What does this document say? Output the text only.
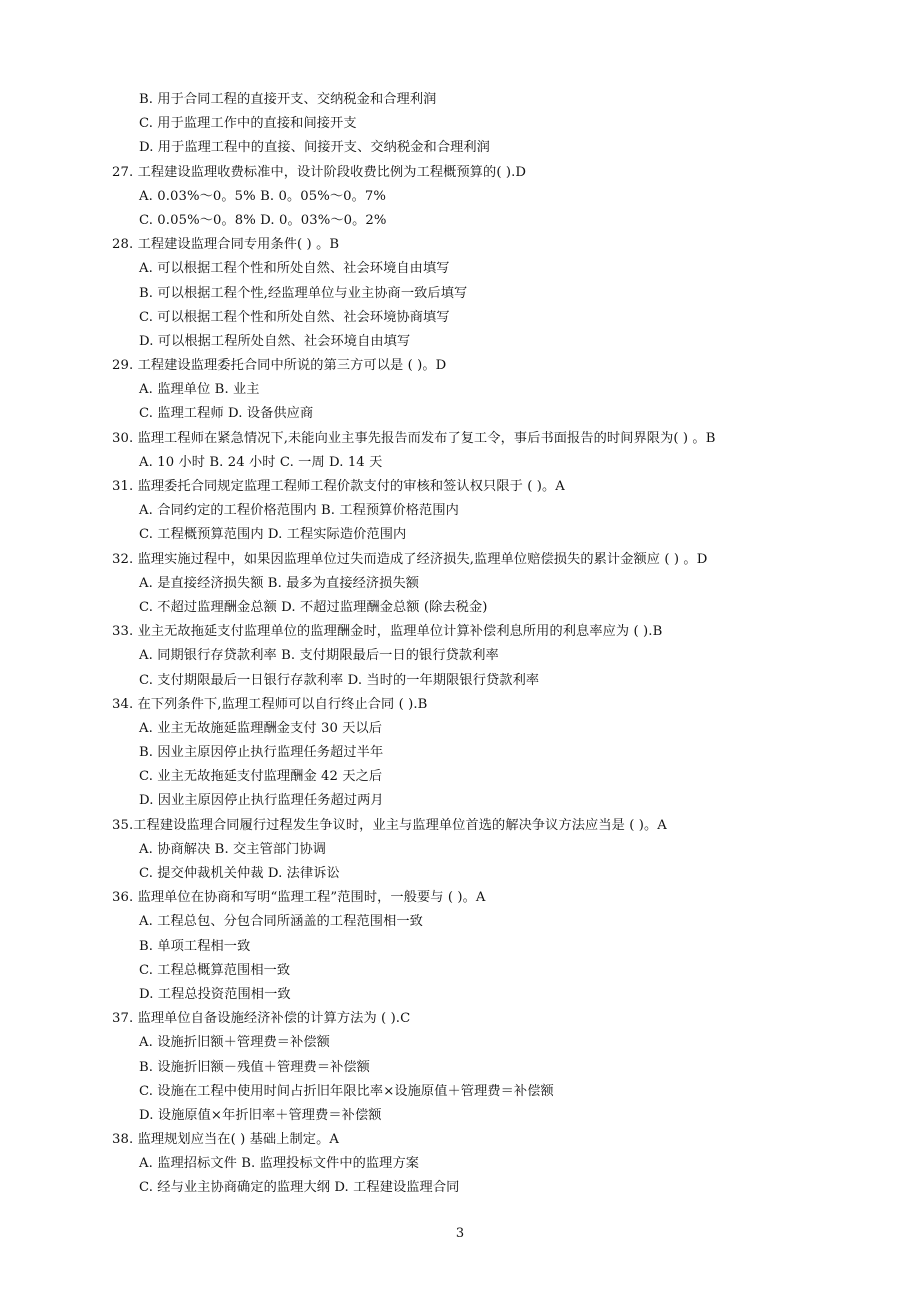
B. 用于合同工程的直接开支、交纳税金和合理利润
C. 用于监理工作中的直接和间接开支
D. 用于监理工程中的直接、间接开支、交纳税金和合理利润
27. 工程建设监理收费标准中，设计阶段收费比例为工程概预算的( ).D
A. 0.03%～0。5% B. 0。05%～0。7%
C. 0.05%～0。8% D. 0。03%～0。2%
28. 工程建设监理合同专用条件( ) 。B
A. 可以根据工程个性和所处自然、社会环境自由填写
B. 可以根据工程个性,经监理单位与业主协商一致后填写
C. 可以根据工程个性和所处自然、社会环境协商填写
D. 可以根据工程所处自然、社会环境自由填写
29. 工程建设监理委托合同中所说的第三方可以是 ( )。D
A. 监理单位 B. 业主
C. 监理工程师 D. 设备供应商
30. 监理工程师在紧急情况下,未能向业主事先报告而发布了复工令，事后书面报告的时间界限为( ) 。B
A. 10 小时 B. 24 小时 C. 一周 D. 14 天
31. 监理委托合同规定监理工程师工程价款支付的审核和签认权只限于 ( )。A
A. 合同约定的工程价格范围内 B. 工程预算价格范围内
C. 工程概预算范围内 D. 工程实际造价范围内
32. 监理实施过程中，如果因监理单位过失而造成了经济损失,监理单位赔偿损失的累计金额应 ( ) 。D
A. 是直接经济损失额 B. 最多为直接经济损失额
C. 不超过监理酬金总额 D. 不超过监理酬金总额 (除去税金)
33. 业主无故拖延支付监理单位的监理酬金时，监理单位计算补偿利息所用的利息率应为 ( ).B
A. 同期银行存贷款利率 B. 支付期限最后一日的银行贷款利率
C. 支付期限最后一日银行存款利率 D. 当时的一年期限银行贷款利率
34. 在下列条件下,监理工程师可以自行终止合同 ( ).B
A. 业主无故施延监理酬金支付 30 天以后
B. 因业主原因停止执行监理任务超过半年
C. 业主无故拖延支付监理酬金 42 天之后
D. 因业主原因停止执行监理任务超过两月
35.工程建设监理合同履行过程发生争议时，业主与监理单位首选的解决争议方法应当是 ( )。A
A. 协商解决 B. 交主管部门协调
C. 提交仲裁机关仲裁 D. 法律诉讼
36. 监理单位在协商和写明“监理工程”范围时，一般要与 ( )。A
A. 工程总包、分包合同所涵盖的工程范围相一致
B. 单项工程相一致
C. 工程总概算范围相一致
D. 工程总投资范围相一致
37. 监理单位自备设施经济补偿的计算方法为 ( ).C
A. 设施折旧额＋管理费＝补偿额
B. 设施折旧额－残值＋管理费＝补偿额
C. 设施在工程中使用时间占折旧年限比率×设施原值＋管理费＝补偿额
D. 设施原值×年折旧率＋管理费＝补偿额
38. 监理规划应当在( ) 基础上制定。A
A. 监理招标文件 B. 监理投标文件中的监理方案
C. 经与业主协商确定的监理大纲 D. 工程建设监理合同
3
